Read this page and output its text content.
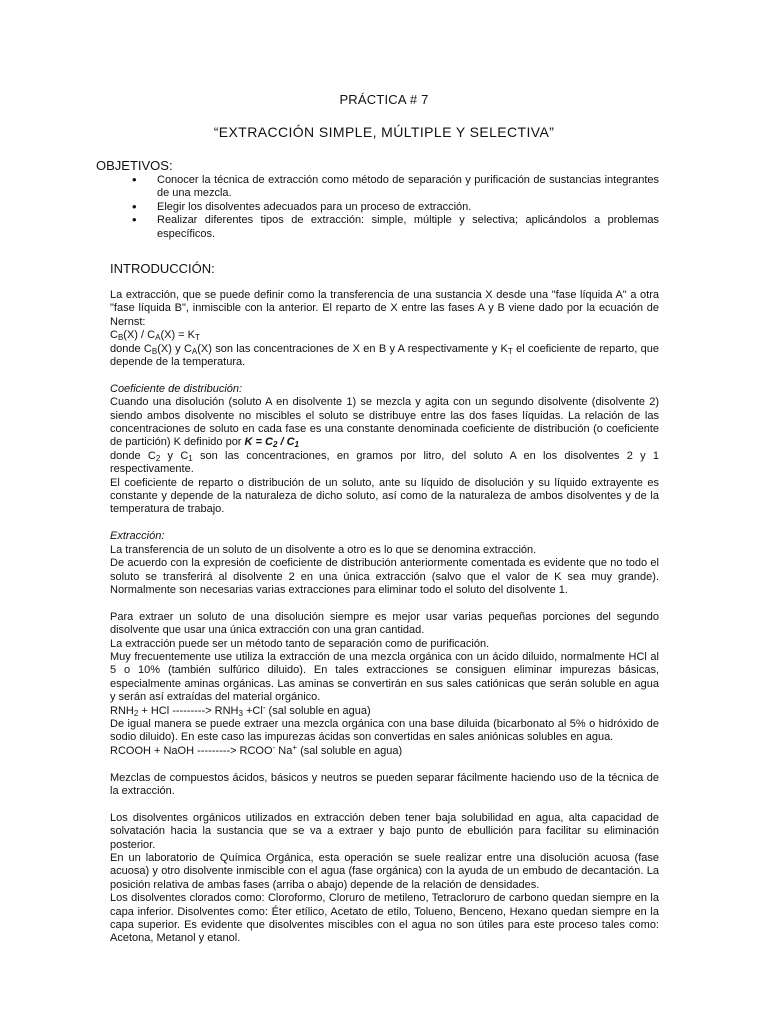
PRÁCTICA # 7
“EXTRACCIÓN SIMPLE, MÚLTIPLE Y SELECTIVA”
OBJETIVOS:
• Conocer la técnica de extracción como método de separación y purificación de sustancias integrantes de una mezcla.
• Elegir los disolventes adecuados para un proceso de extracción.
• Realizar diferentes tipos de extracción: simple, múltiple y selectiva; aplicándolos a problemas específicos.
INTRODUCCIÓN:

La extracción, que se puede definir como la transferencia de una sustancia X desde una "fase líquida A" a otra "fase líquida B", inmiscible con la anterior. El reparto de X entre las fases A y B viene dado por la ecuación de Nernst:

$C_B(X) / C_A(X) = K_T$

donde $C_B(X)$ y $C_A(X)$ son las concentraciones de X en B y A respectivamente y $K_T$ el coeficiente de reparto, que depende de la temperatura.

Coeficiente de distribución:

Cuando una disolución (soluto A en disolvente 1) se mezcla y agita con un segundo disolvente (disolvente 2) siendo ambos disolvente no miscibles el soluto se distribuye entre las dos fases líquidas. La relación de las concentraciones de soluto en cada fase es una constante denominada coeficiente de distribución (o coeficiente de partición) K definido por $K = C_2 / C_1$

donde $C_2$ y $C_1$ son las concentraciones, en gramos por litro, del soluto A en los disolventes 2 y 1 respectivamente.

El coeficiente de reparto o distribución de un soluto, ante su líquido de disolución y su líquido extrayente es constante y depende de la naturaleza de dicho soluto, así como de la naturaleza de ambos disolventes y de la temperatura de trabajo.

Extracción:

La transferencia de un soluto de un disolvente a otro es lo que se denomina extracción.

De acuerdo con la expresión de coeficiente de distribución anteriormente comentada es evidente que no todo el soluto se transferirá al disolvente 2 en una única extracción (salvo que el valor de K sea muy grande). Normalmente son necesarias varias extracciones para eliminar todo el soluto del disolvente 1.

Para extraer un soluto de una disolución siempre es mejor usar varias pequeñas porciones del segundo disolvente que usar una única extracción con una gran cantidad.

La extracción puede ser un método tanto de separación como de purificación.

Muy frecuentemente use utiliza la extracción de una mezcla orgánica con un ácido diluido, normalmente HCl al 5 o 10% (también sulfúrico diluido). En tales extracciones se consiguen eliminar impurezas básicas, especialmente aminas orgánicas. Las aminas se convertirán en sus sales catiónicas que serán soluble en agua y serán así extraídas del material orgánico.

$RNH_2$ + HCl ---------> $RNH_3 +Cl^-$ (sal soluble en agua)

De igual manera se puede extraer una mezcla orgánica con una base diluida (bicarbonato al 5% o hidróxido de sodio diluido). En este caso las impurezas ácidas son convertidas en sales aniónicas solubles en agua.

RCOOH + NaOH ---------> RCOO- Na+ (sal soluble en agua)

Mezclas de compuestos ácidos, básicos y neutros se pueden separar fácilmente haciendo uso de la técnica de la extracción.

Los disolventes orgánicos utilizados en extracción deben tener baja solubilidad en agua, alta capacidad de solvatación hacia la sustancia que se va a extraer y bajo punto de ebullición para facilitar su eliminación posterior.

En un laboratorio de Química Orgánica, esta operación se suele realizar entre una disolución acuosa (fase acuosa) y otro disolvente inmiscible con el agua (fase orgánica) con la ayuda de un embudo de decantación. La posición relativa de ambas fases (arriba o abajo) depende de la relación de densidades.

Los disolventes clorados como: Cloroformo, Cloruro de metileno, Tetracloruro de carbono quedan siempre en la capa inferior. Disolventes como: Éter etílico, Acetato de etilo, Tolueno, Benceno, Hexano quedan siempre en la capa superior. Es evidente que disolventes miscibles con el agua no son útiles para este proceso tales como: Acetona, Metanol y etanol.
